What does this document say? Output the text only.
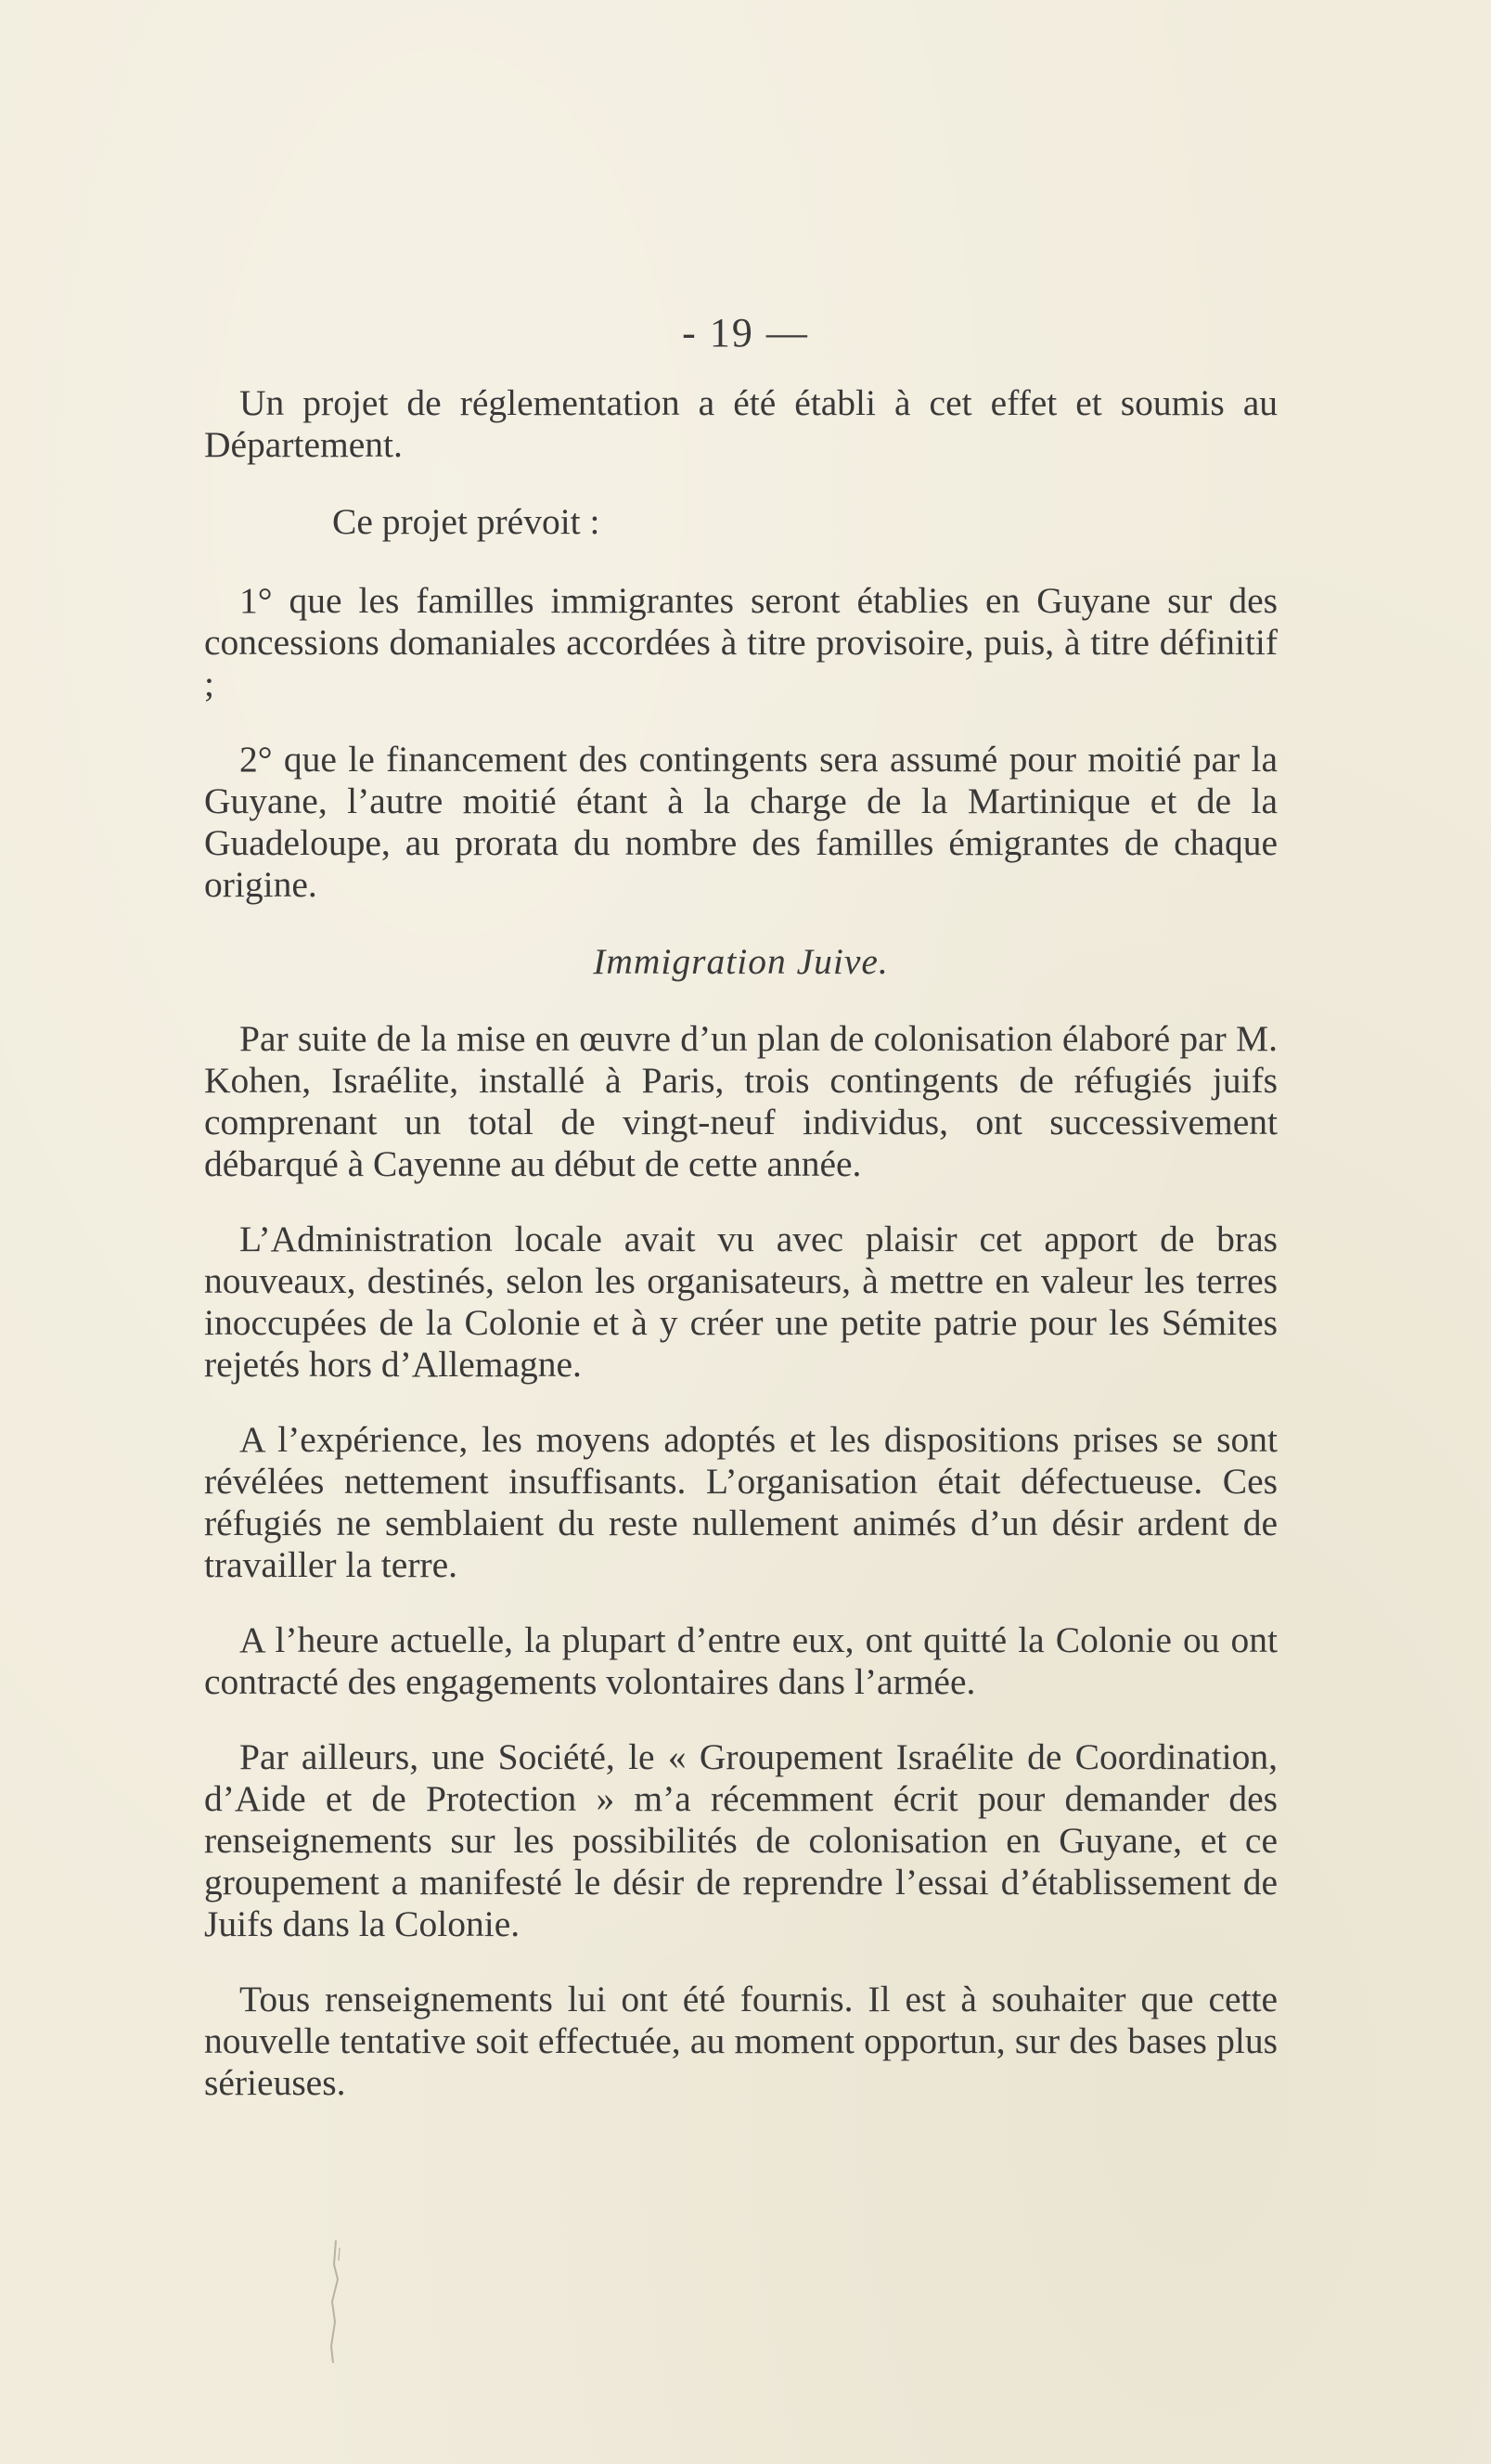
- 19 —

Un projet de réglementation a été établi à cet effet et soumis au Département.

Ce projet prévoit :

1° que les familles immigrantes seront établies en Guyane sur des concessions domaniales accordées à titre provisoire, puis, à titre définitif ;

2° que le financement des contingents sera assumé pour moitié par la Guyane, l’autre moitié étant à la charge de la Martinique et de la Guadeloupe, au prorata du nombre des familles émigrantes de chaque origine.

Immigration Juive.

Par suite de la mise en œuvre d’un plan de colonisation élaboré par M. Kohen, Israélite, installé à Paris, trois contingents de réfugiés juifs comprenant un total de vingt-neuf individus, ont successivement débarqué à Cayenne au début de cette année.

L’Administration locale avait vu avec plaisir cet apport de bras nouveaux, destinés, selon les organisateurs, à mettre en valeur les terres inoccupées de la Colonie et à y créer une petite patrie pour les Sémites rejetés hors d’Allemagne.

A l’expérience, les moyens adoptés et les dispositions prises se sont révélées nettement insuffisants. L’organisation était défectueuse. Ces réfugiés ne semblaient du reste nullement animés d’un désir ardent de travailler la terre.

A l’heure actuelle, la plupart d’entre eux, ont quitté la Colonie ou ont contracté des engagements volontaires dans l’armée.

Par ailleurs, une Société, le « Groupement Israélite de Coordination, d’Aide et de Protection » m’a récemment écrit pour demander des renseignements sur les possibilités de colonisation en Guyane, et ce groupement a manifesté le désir de reprendre l’essai d’établissement de Juifs dans la Colonie.

Tous renseignements lui ont été fournis. Il est à souhaiter que cette nouvelle tentative soit effectuée, au moment opportun, sur des bases plus sérieuses.
